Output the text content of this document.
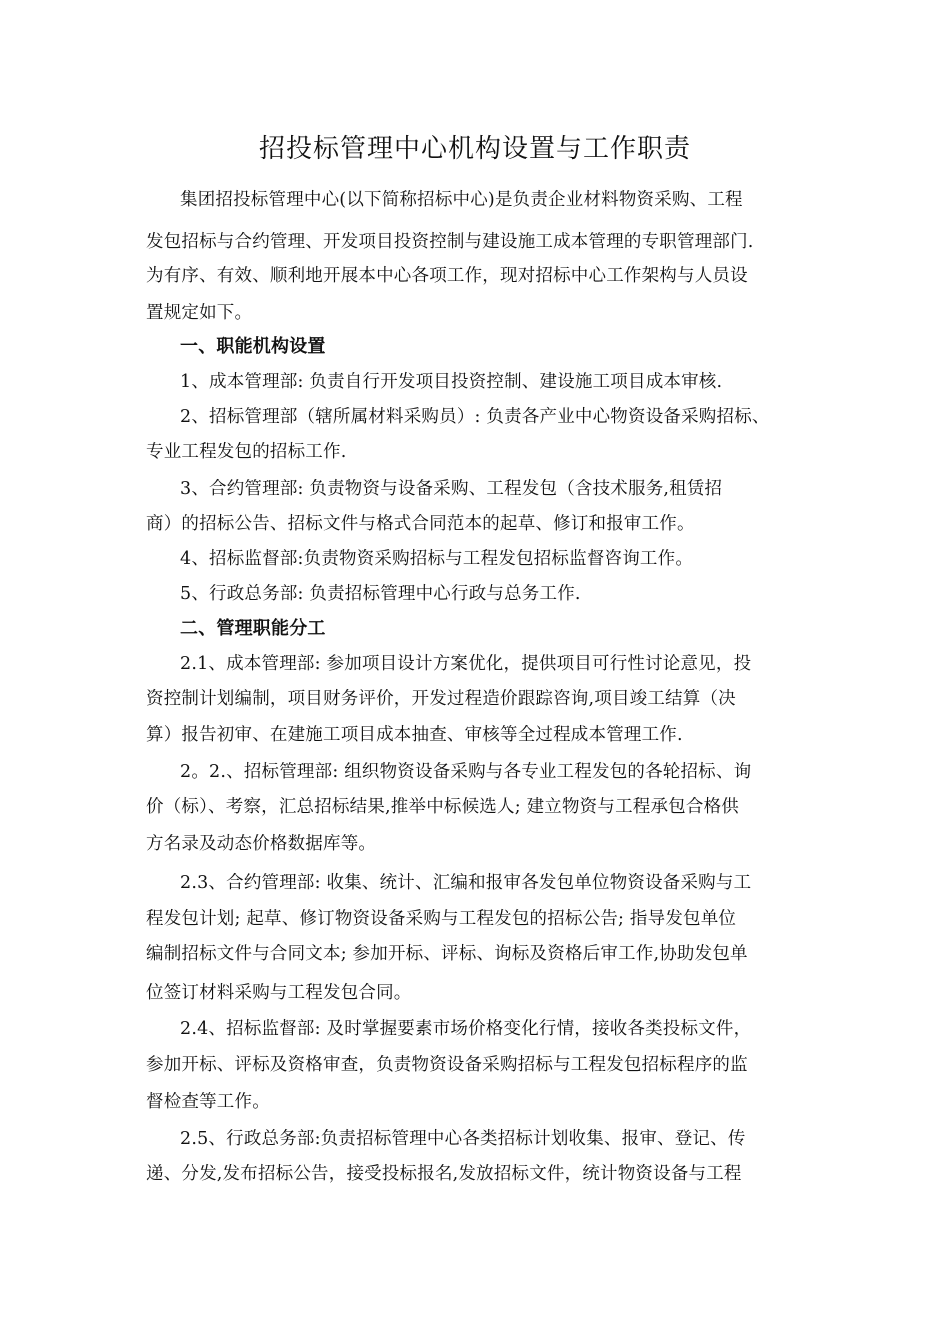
招投标管理中心机构设置与工作职责
集团招投标管理中心(以下简称招标中心)是负责企业材料物资采购、工程
发包招标与合约管理、开发项目投资控制与建设施工成本管理的专职管理部门.
为有序、有效、顺利地开展本中心各项工作，现对招标中心工作架构与人员设
置规定如下。
一、职能机构设置
1、成本管理部: 负责自行开发项目投资控制、建设施工项目成本审核.
2、招标管理部（辖所属材料采购员）: 负责各产业中心物资设备采购招标、
专业工程发包的招标工作.
3、合约管理部: 负责物资与设备采购、工程发包（含技术服务,租赁招
商）的招标公告、招标文件与格式合同范本的起草、修订和报审工作。
4、招标监督部:负责物资采购招标与工程发包招标监督咨询工作。
5、行政总务部: 负责招标管理中心行政与总务工作.
二、管理职能分工
2.1、成本管理部: 参加项目设计方案优化，提供项目可行性讨论意见，投
资控制计划编制，项目财务评价，开发过程造价跟踪咨询,项目竣工结算（决
算）报告初审、在建施工项目成本抽查、审核等全过程成本管理工作.
2。2.、招标管理部: 组织物资设备采购与各专业工程发包的各轮招标、询
价（标）、考察，汇总招标结果,推举中标候选人; 建立物资与工程承包合格供
方名录及动态价格数据库等。
2.3、合约管理部: 收集、统计、汇编和报审各发包单位物资设备采购与工
程发包计划; 起草、修订物资设备采购与工程发包的招标公告; 指导发包单位
编制招标文件与合同文本; 参加开标、评标、询标及资格后审工作,协助发包单
位签订材料采购与工程发包合同。
2.4、招标监督部: 及时掌握要素市场价格变化行情，接收各类投标文件，
参加开标、评标及资格审查，负责物资设备采购招标与工程发包招标程序的监
督检查等工作。
2.5、行政总务部:负责招标管理中心各类招标计划收集、报审、登记、传
递、分发,发布招标公告，接受投标报名,发放招标文件，统计物资设备与工程
